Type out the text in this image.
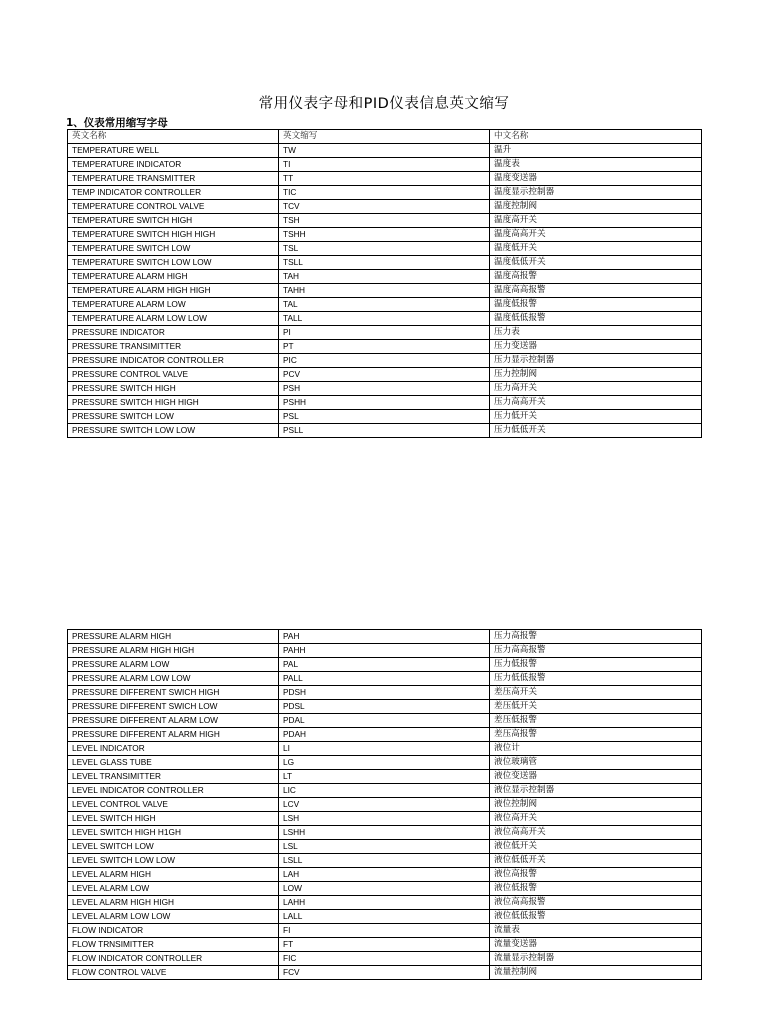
常用仪表字母和PID仪表信息英文缩写
1、仪表常用缩写字母
英文名称	英文缩写	中文名称
TEMPERATURE WELL	TW	温升
TEMPERATURE INDICATOR	TI	温度表
TEMPERATURE TRANSMITTER	TT	温度变送器
TEMP INDICATOR CONTROLLER	TIC	温度显示控制器
TEMPERATURE CONTROL VALVE	TCV	温度控制阀
TEMPERATURE SWITCH HIGH	TSH	温度高开关
TEMPERATURE SWITCH HIGH HIGH	TSHH	温度高高开关
TEMPERATURE SWITCH LOW	TSL	温度低开关
TEMPERATURE SWITCH LOW LOW	TSLL	温度低低开关
TEMPERATURE ALARM HIGH	TAH	温度高报警
TEMPERATURE ALARM HIGH HIGH	TAHH	温度高高报警
TEMPERATURE ALARM LOW	TAL	温度低报警
TEMPERATURE ALARM LOW LOW	TALL	温度低低报警
PRESSURE INDICATOR	PI	压力表
PRESSURE TRANSIMITTER	PT	压力变送器
PRESSURE INDICATOR CONTROLLER	PIC	压力显示控制器
PRESSURE CONTROL VALVE	PCV	压力控制阀
PRESSURE SWITCH HIGH	PSH	压力高开关
PRESSURE SWITCH HIGH HIGH	PSHH	压力高高开关
PRESSURE SWITCH LOW	PSL	压力低开关
PRESSURE SWITCH LOW LOW	PSLL	压力低低开关
PRESSURE ALARM HIGH	PAH	压力高报警
PRESSURE ALARM HIGH HIGH	PAHH	压力高高报警
PRESSURE ALARM LOW	PAL	压力低报警
PRESSURE ALARM LOW LOW	PALL	压力低低报警
PRESSURE DIFFERENT SWICH HIGH	PDSH	差压高开关
PRESSURE DIFFERENT SWICH LOW	PDSL	差压低开关
PRESSURE DIFFERENT ALARM LOW	PDAL	差压低报警
PRESSURE DIFFERENT ALARM HIGH	PDAH	差压高报警
LEVEL INDICATOR	LI	液位计
LEVEL GLASS TUBE	LG	液位玻璃管
LEVEL TRANSIMITTER	LT	液位变送器
LEVEL INDICATOR CONTROLLER	LIC	液位显示控制器
LEVEL CONTROL VALVE	LCV	液位控制阀
LEVEL SWITCH HIGH	LSH	液位高开关
LEVEL SWITCH HIGH H1GH	LSHH	液位高高开关
LEVEL SWITCH LOW	LSL	液位低开关
LEVEL SWITCH LOW LOW	LSLL	液位低低开关
LEVEL ALARM HIGH	LAH	液位高报警
LEVEL ALARM LOW	LOW	液位低报警
LEVEL ALARM HIGH HIGH	LAHH	液位高高报警
LEVEL ALARM LOW LOW	LALL	液位低低报警
FLOW INDICATOR	FI	流量表
FLOW TRNSIMITTER	FT	流量变送器
FLOW INDICATOR CONTROLLER	FIC	流量显示控制器
FLOW CONTROL VALVE	FCV	流量控制阀
